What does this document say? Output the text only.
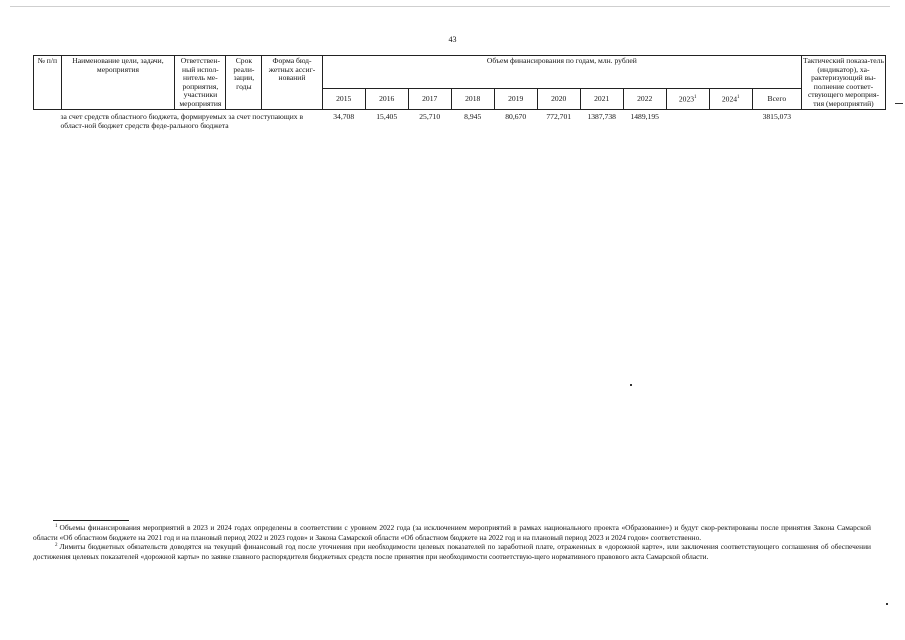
43
№ п/п	Наименование цели, задачи, мероприятия	Ответствен-ный испол-нитель ме-роприятия, участники мероприятия	Срок реали-зации, годы	Форма бюд-жетных ассиг-нований	Объем финансирования по годам, млн. рублей											Тактический показа-тель (индикатор), ха-рактеризующий вы-полнение соответ-ствующего мероприя-тия (мероприятий)
					2015	2016	2017	2018	2019	2020	2021	2022	2023$^1$	2024$^1$	Всего	
за счет средств областного бюджета, формируемых за счет поступающих в област-ной бюджет средств феде-рального бюджета					34,708	15,405	25,710	8,945	80,670	772,701	1387,738	1489,195			3815,073	

$^1$ Объемы финансирования мероприятий в 2023 и 2024 годах определены в соответствии с уровнем 2022 года (за исключением мероприятий в рамках национального проекта «Образование») и будут скор-ректированы после принятия Закона Самарской области «Об областном бюджете на 2021 год и на плановый период 2022 и 2023 годов» и Закона Самарской области «Об областном бюджете на 2022 год и на плановый период 2023 и 2024 годов» соответственно.

$^2$ Лимиты бюджетных обязательств доводятся на текущий финансовый год после уточнения при необходимости целевых показателей по заработной плате, отраженных в «дорожной карте», или заключения соответствующего соглашения об обеспечении достижения целевых показателей «дорожной карты» по заявке главного распорядителя бюджетных средств после принятия при необходимости соответствую-щего нормативного правового акта Самарской области.
